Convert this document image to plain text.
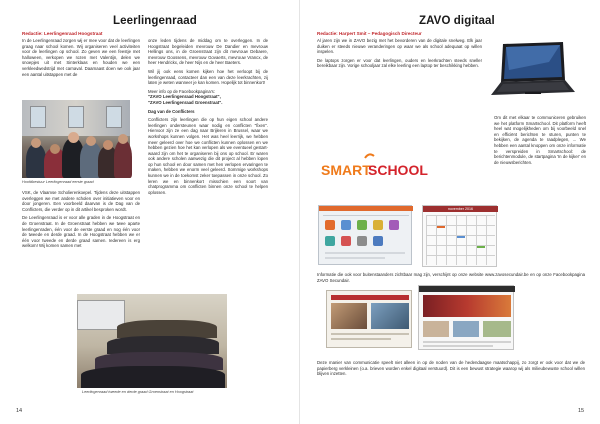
Leerlingenraad
Redactie: Leerlingenraad Hoogstraat
In de Leerlingenraad zorgen wij er mee voor dat de leerlingen graag naar school komen. Wij organiseren veel activiteiten voor de leerlingen op school. Zo geven we een feestje met halloween, verkopen we rozen met Valentijn, delen we snoepjes uit met Sinterklaas en houden we een verkleedwedstrijd met carnaval. Daarnaast doen we ook jaar een aantal uitstappen met de
Hoofdbestuur Leerlingenraad eerste graad

VSK, de Vlaamse Scholierenkoepel. Tijdens deze uitstappen overleggen we met andere scholen over initiatieven voor en door jongeren. Een voorbeeld daarvan is de Dag van de Conflicters, die verder op in dit artikel besproken wordt.

De Leerlingenraad is er voor alle graden in de Hoogstraat en de Groenstraat. In de Groenstraat hebben we twee aparte leerlingenraden, één voor de eerste graad en nog één voor de tweede en derde graad. In de Hoogstraat hebben we er één voor tweede en derde graad samen. Iedereen is erg welkom! Wij komen samen met

onze leden tijdens de middag om te overleggen. In de Hoogstraat begeleiden mevrouw De Dandier en mevrouw Hellings ons, in de Groenstraat zijn dit mevrouw Debaere, mevrouw Goossens, mevrouw Govaerts, mevrouw Vrancx, de heer Hendrickx, de heer Nijs en de heer Baeters.

Wil jij ook eens komen kijken hoe het verloopt bij de leerlingenraad, contacteer dan een van deze leerkrachten, zij laten je weten wanneer je kan komen. Hopelijk tot binnenkort!

Meer info op de Facebookpagina's:

"ZAVO Leerlingenraad Hoogstraat",

"ZAVO Leerlingenraad Groenstraat".

Dag van de Conflicters

Conflicters zijn leerlingen die op hun eigen school andere leerlingen ondersteunen waar nodig en conflicten "fixen". Hiervoor zijn ze een dag naar Brijleren in Brussel, waar we workshops kunnen volgen. Het was heel leerrijk, we hebben meer geleerd over hoe we conflicten kunnen oplossen en we hebben gezien hoe het kan verlopen als we eventueel gestart-waard zijn om het te organiseren bij ons op school. Er waren ook andere scholen aanwezig die dit project al hebben lopen op hun school en door samen met hen verlopen ervaringen te maken, hebben we enorm veel geleerd. Sommige workshops kunnen we in de toekomst zeker toepassen in onze school. Zo leren we en binnenkort misschien een soort van chatprogramma om conflicten binnen onze school te helpen oplossen.

Leerlingenraad tweede en derde graad Groenstraat en Hoogstraat
14
ZAVO digitaal
Redactie: Harpert Smit – Pedagogisch Directeur

Al jaren zijn we in ZAVO bezig met het bevorderen van de digitale snelweg. Elk jaar duiken er steeds nieuwe veranderingen op waar we als school adequaat op willen inspelen.

De laptops zorgen er voor dat leerlingen, ouders en leerkrachten steeds sneller bereikbaar zijn. Vorige schooljaar zal elke leerling een laptop ter beschikking hebben.

Om dit met elkaar te communiceren gebruiken we het platform Smartschool. Dit platform heeft heel wat mogelijkheden om bij voorbeeld snel en efficiënt berichten te sturen, punten te bekijken, de agenda te raadplegen, ... We hebben een aantal knoppen om onze informatie te verspreiden in Smartschool: de berichtenmodule, de startpagina 'In de kijker' en de nieuwsberichten.
SMART
SCHOOL
november 2016
Informatie die ook voor buitenstaanders zichtbaar mag zijn, verschijnt op onze website www.zavosecundair.be en op onze Facebookpagina ZAVO Secundair.
Deze manier van communicatie speelt niet alleen in op de noden van de hedendaagse maatschappij, zo zorgt er ook voor dat we de papierberg verkleinen (o.a. brieven worden enkel digitaal verstuurd). Dit is een bewust strategie waarop wij als milieubewuste school willen blijven inzetten.
15
